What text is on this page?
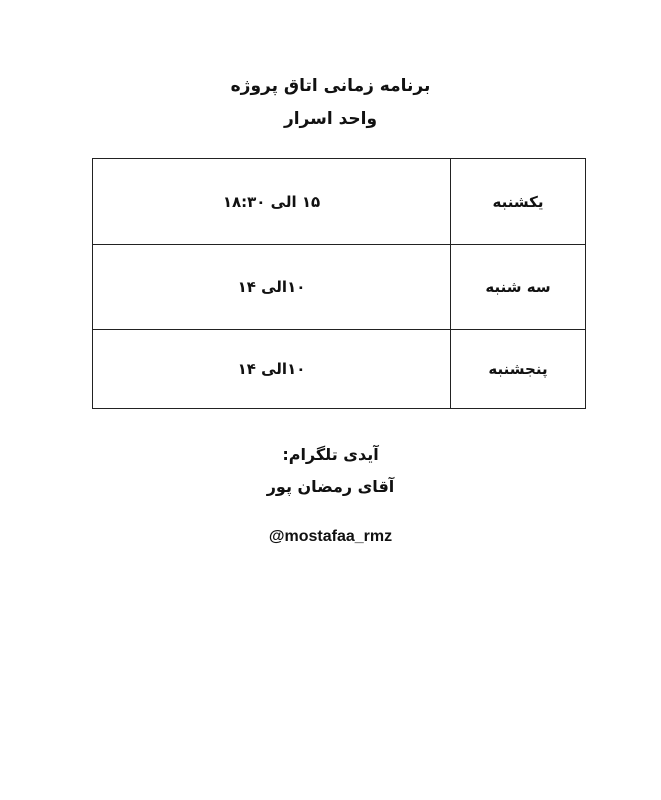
برنامه زمانی اتاق پروژه
واحد اسرار
یکشنبه	۱۵ الی ۱۸:۳۰
سه شنبه	۱۰الی ۱۴
پنجشنبه	۱۰الی ۱۴
آیدی تلگرام:
آقای رمضان پور
@mostafaa_rmz
